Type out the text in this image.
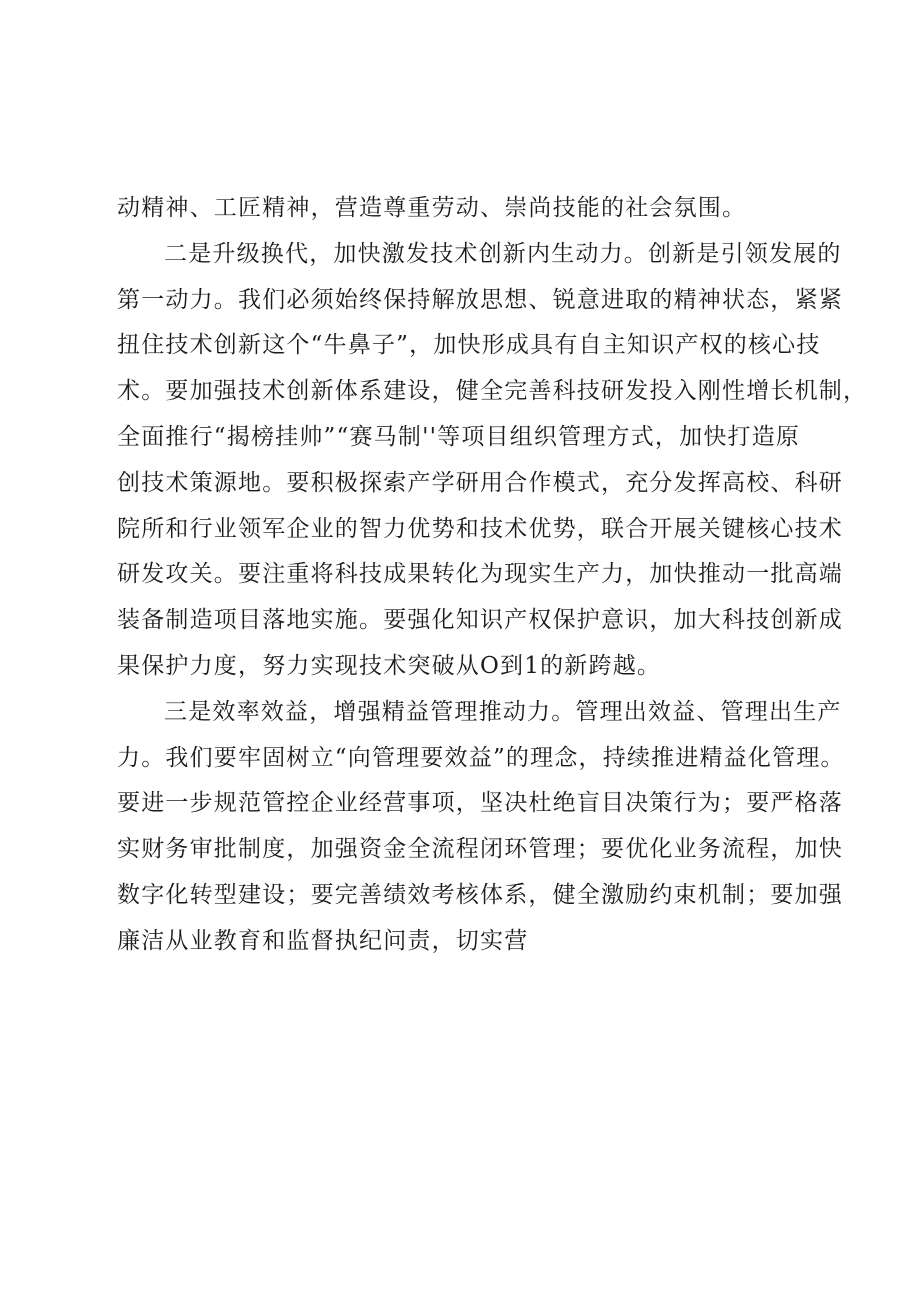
动精神、工匠精神，营造尊重劳动、崇尚技能的社会氛围。
二是升级换代，加快激发技术创新内生动力。创新是引领发展的
第一动力。我们必须始终保持解放思想、锐意进取的精神状态，紧紧
扭住技术创新这个“牛鼻子”，加快形成具有自主知识产权的核心技
术。要加强技术创新体系建设，健全完善科技研发投入刚性增长机制，
全面推行“揭榜挂帅”“赛马制''等项目组织管理方式，加快打造原
创技术策源地。要积极探索产学研用合作模式，充分发挥高校、科研
院所和行业领军企业的智力优势和技术优势，联合开展关键核心技术
研发攻关。要注重将科技成果转化为现实生产力，加快推动一批高端
装备制造项目落地实施。要强化知识产权保护意识，加大科技创新成
果保护力度，努力实现技术突破从O到1的新跨越。
三是效率效益，增强精益管理推动力。管理出效益、管理出生产
力。我们要牢固树立“向管理要效益”的理念，持续推进精益化管理。
要进一步规范管控企业经营事项，坚决杜绝盲目决策行为；要严格落
实财务审批制度，加强资金全流程闭环管理；要优化业务流程，加快
数字化转型建设；要完善绩效考核体系，健全激励约束机制；要加强
廉洁从业教育和监督执纪问责，切实营
